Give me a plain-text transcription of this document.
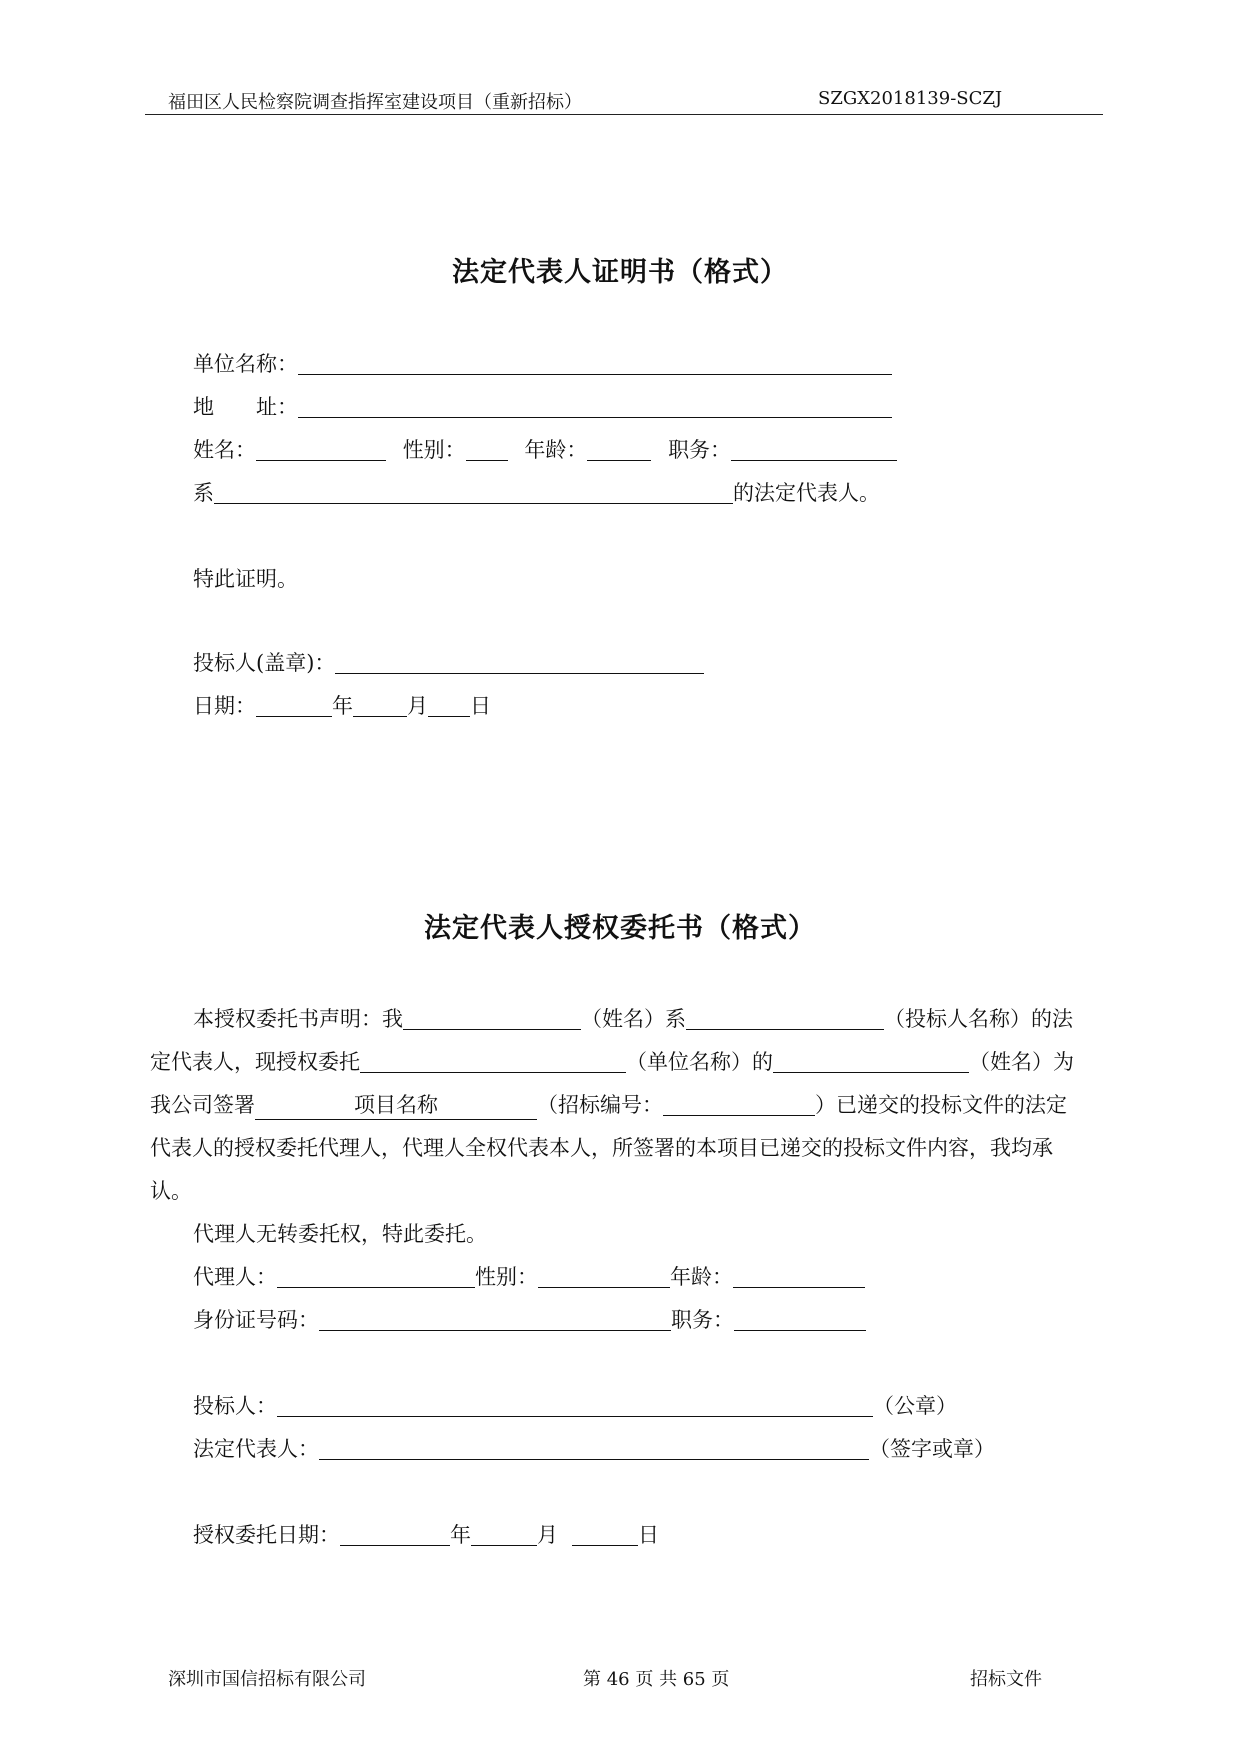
福田区人民检察院调查指挥室建设项目（重新招标）	SZGX2018139-SCZJ
法定代表人证明书（格式）
单位名称：
地　　址：
姓名：	性别：	年龄：	职务：
系	的法定代表人。
特此证明。
投标人(盖章)：
日期：	年	月 日
法定代表人授权委托书（格式）
本授权委托书声明：我	（姓名）系	（投标人名称）的法
定代表人，现授权委托	（单位名称）的	（姓名）为
我公司签署	项目名称	（招标编号：	）已递交的投标文件的法定
代表人的授权委托代理人，代理人全权代表本人，所签署的本项目已递交的投标文件内容，我均承
认。
代理人无转委托权，特此委托。
代理人：	性别：	年龄：
身份证号码：	职务：
投标人：	（公章）
法定代表人：	（签字或章）
授权委托日期：	年	月	日
深圳市国信招标有限公司	第 46 页 共 65 页	招标文件
